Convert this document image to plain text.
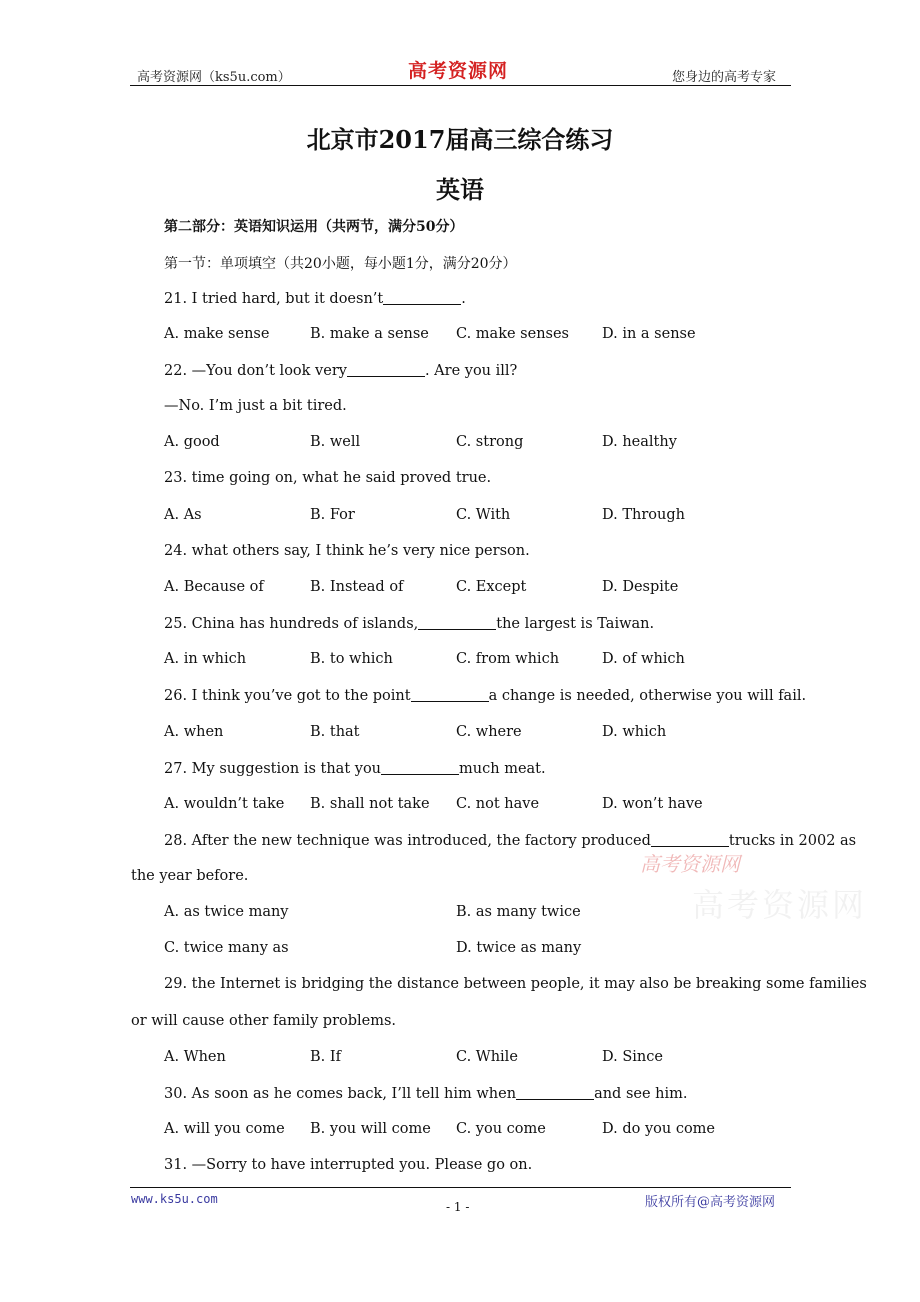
高考资源网（ks5u.com）	高考资源网	您身边的高考专家
北京市2017届高三综合练习
英语
第二部分：英语知识运用（共两节，满分50分）
第一节：单项填空（共20小题，每小题1分，满分20分）
21. I tried hard, but it doesn’t	.
A. make sense	B. make a sense C. make senses D. in a sense
22. —You don’t look very	. Are you ill?
—No. I’m just a bit tired.
A. good	B. well	C. strong	D. healthy
23. time going on, what he said proved true.
A. As	B. For	C. With	D. Through
24. what others say, I think he’s very nice person.
A. Because of	B. Instead of	C. Except	D. Despite
25. China has hundreds of islands,	the largest is Taiwan.
A. in which	B. to which	C. from which	D. of which
26. I think you’ve got to the point	a change is needed, otherwise you will fail.
A. when	B. that	C. where	D. which
27. My suggestion is that you	much meat.
A. wouldn’t take B. shall not take C. not have	D. won’t have
28. After the new technique was introduced, the factory produced	trucks in 2002 as
the year before.
A. as twice many	B. as many twice
C. twice many as	D. twice as many
高考资源网
高考资源网
29. the Internet is bridging the distance between people, it may also be breaking some families
or will cause other family problems.
A. When	B. If	C. While	D. Since
30. As soon as he comes back, I’ll tell him when	and see him.
A. will you come B. you will come C. you come	D. do you come
31. —Sorry to have interrupted you. Please go on.
www.ks5u.com
- 1 -	版权所有@高考资源网
